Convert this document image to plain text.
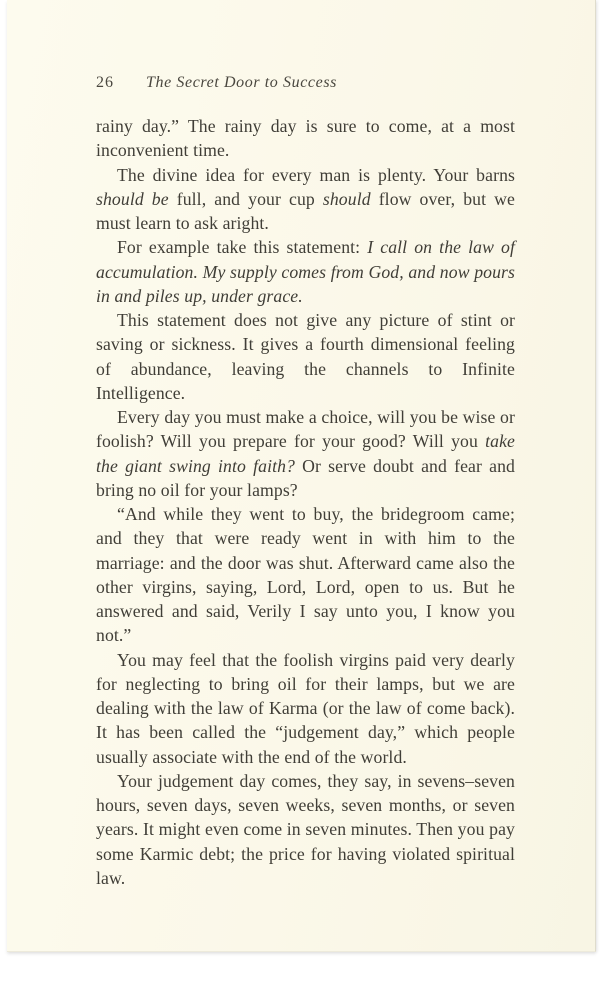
26 The Secret Door to Success

rainy day.” The rainy day is sure to come, at a most inconvenient time.

The divine idea for every man is plenty. Your barns should be full, and your cup should flow over, but we must learn to ask aright.

For example take this statement: I call on the law of accumulation. My supply comes from God, and now pours in and piles up, under grace.

This statement does not give any picture of stint or saving or sickness. It gives a fourth dimensional feeling of abundance, leaving the channels to Infinite Intelligence.

Every day you must make a choice, will you be wise or foolish? Will you prepare for your good? Will you take the giant swing into faith? Or serve doubt and fear and bring no oil for your lamps?

“And while they went to buy, the bridegroom came; and they that were ready went in with him to the marriage: and the door was shut. Afterward came also the other virgins, saying, Lord, Lord, open to us. But he answered and said, Verily I say unto you, I know you not.”

You may feel that the foolish virgins paid very dearly for neglecting to bring oil for their lamps, but we are dealing with the law of Karma (or the law of come back). It has been called the “judgement day,” which people usually associate with the end of the world.

Your judgement day comes, they say, in sevens–seven hours, seven days, seven weeks, seven months, or seven years. It might even come in seven minutes. Then you pay some Karmic debt; the price for having violated spiritual law.
